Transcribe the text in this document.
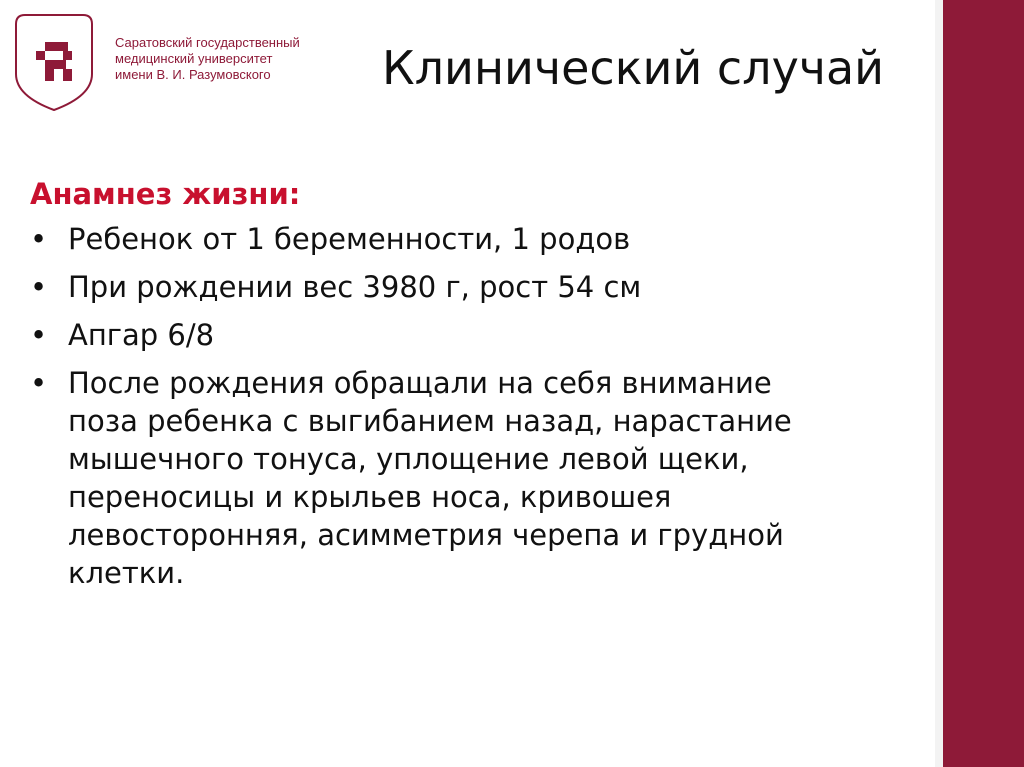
Саратовский государственный
медицинский университет
имени В. И. Разумовского	Клинический случай
Анамнез жизни:
• Ребенок от 1 беременности, 1 родов
• При рождении вес 3980 г, рост 54 см
• Апгар 6/8
• После рождения обращали на себя внимание
поза ребенка с выгибанием назад, нарастание
мышечного тонуса, уплощение левой щеки,
переносицы и крыльев носа, кривошея
левосторонняя, асимметрия черепа и грудной
клетки.
